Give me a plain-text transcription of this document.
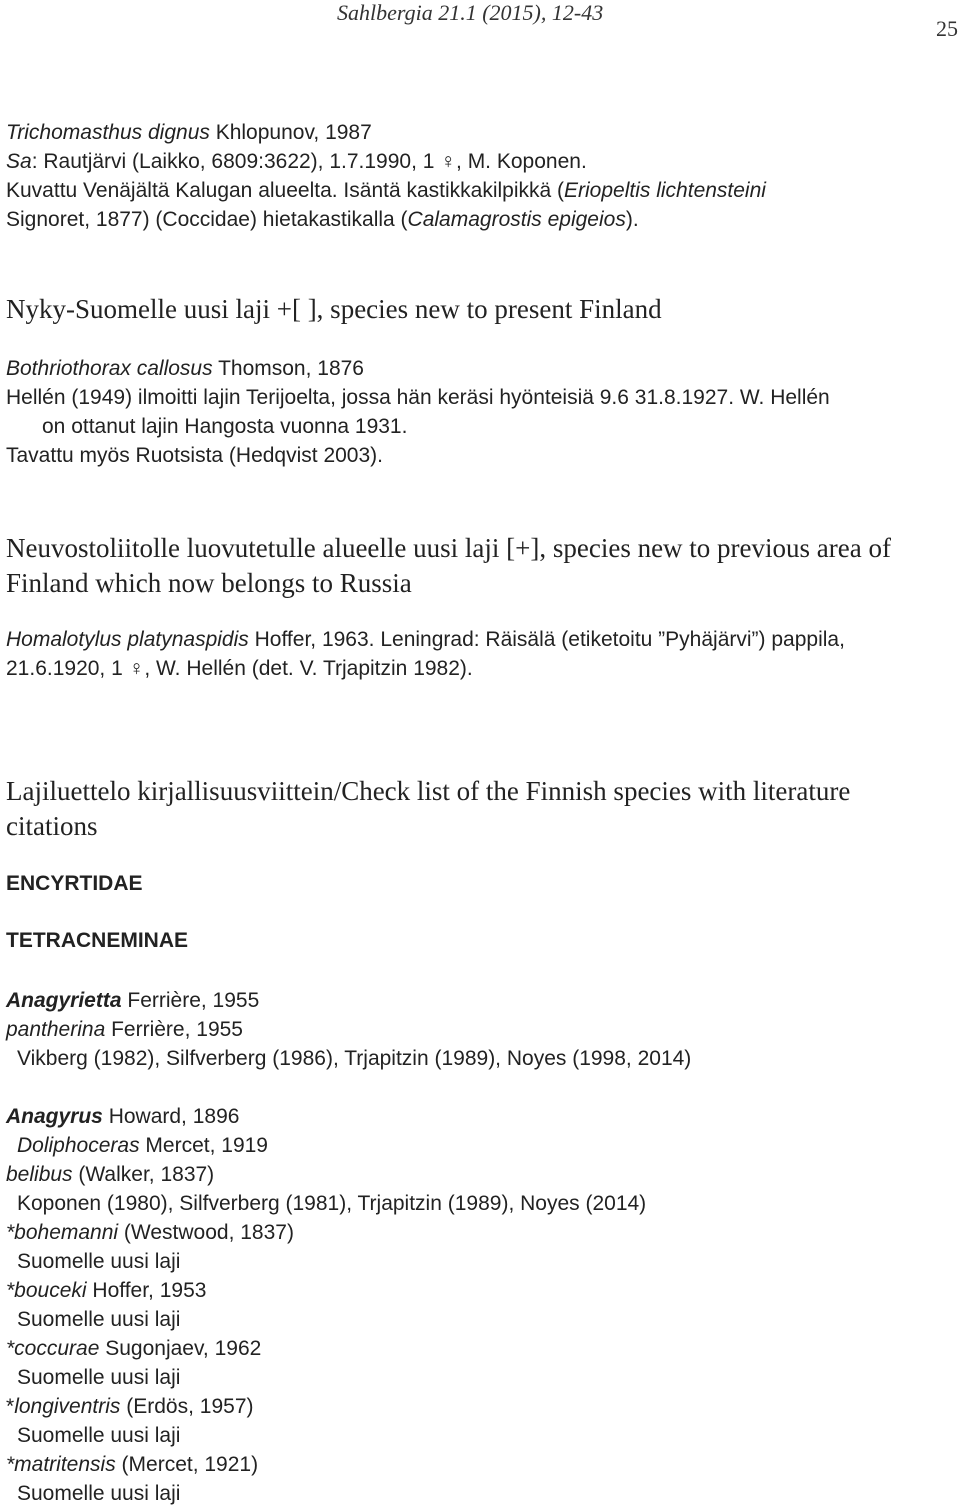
Sahlbergia 21.1 (2015), 12-43
25
Trichomasthus dignus Khlopunov, 1987
Sa: Rautjärvi (Laikko, 6809:3622), 1.7.1990, 1 ♀, M. Koponen.
Kuvattu Venäjältä Kalugan alueelta. Isäntä kastikkakilpikkä (Eriopeltis lichtensteini
Signoret, 1877) (Coccidae) hietakastikalla (Calamagrostis epigeios).
Nyky-Suomelle uusi laji +[ ], species new to present Finland
Bothriothorax callosus Thomson, 1876
Hellén (1949) ilmoitti lajin Terijoelta, jossa hän keräsi hyönteisiä 9.6 31.8.1927. W. Hellén
on ottanut lajin Hangosta vuonna 1931.
Tavattu myös Ruotsista (Hedqvist 2003).
Neuvostoliitolle luovutetulle alueelle uusi laji [+], species new to previous area of
Finland which now belongs to Russia
Homalotylus platynaspidis Hoffer, 1963. Leningrad: Räisälä (etiketoitu ”Pyhäjärvi”) pappila,
21.6.1920, 1 ♀, W. Hellén (det. V. Trjapitzin 1982).
Lajiluettelo kirjallisuusviittein/Check list of the Finnish species with literature
citations
ENCYRTIDAE
TETRACNEMINAE
Anagyrietta Ferrière, 1955
pantherina Ferrière, 1955
Vikberg (1982), Silfverberg (1986), Trjapitzin (1989), Noyes (1998, 2014)
Anagyrus Howard, 1896
Doliphoceras Mercet, 1919
belibus (Walker, 1837)
Koponen (1980), Silfverberg (1981), Trjapitzin (1989), Noyes (2014)
*bohemanni (Westwood, 1837)
Suomelle uusi laji
*bouceki Hoffer, 1953
Suomelle uusi laji
*coccurae Sugonjaev, 1962
Suomelle uusi laji
*longiventris (Erdös, 1957)
Suomelle uusi laji
*matritensis (Mercet, 1921)
Suomelle uusi laji
